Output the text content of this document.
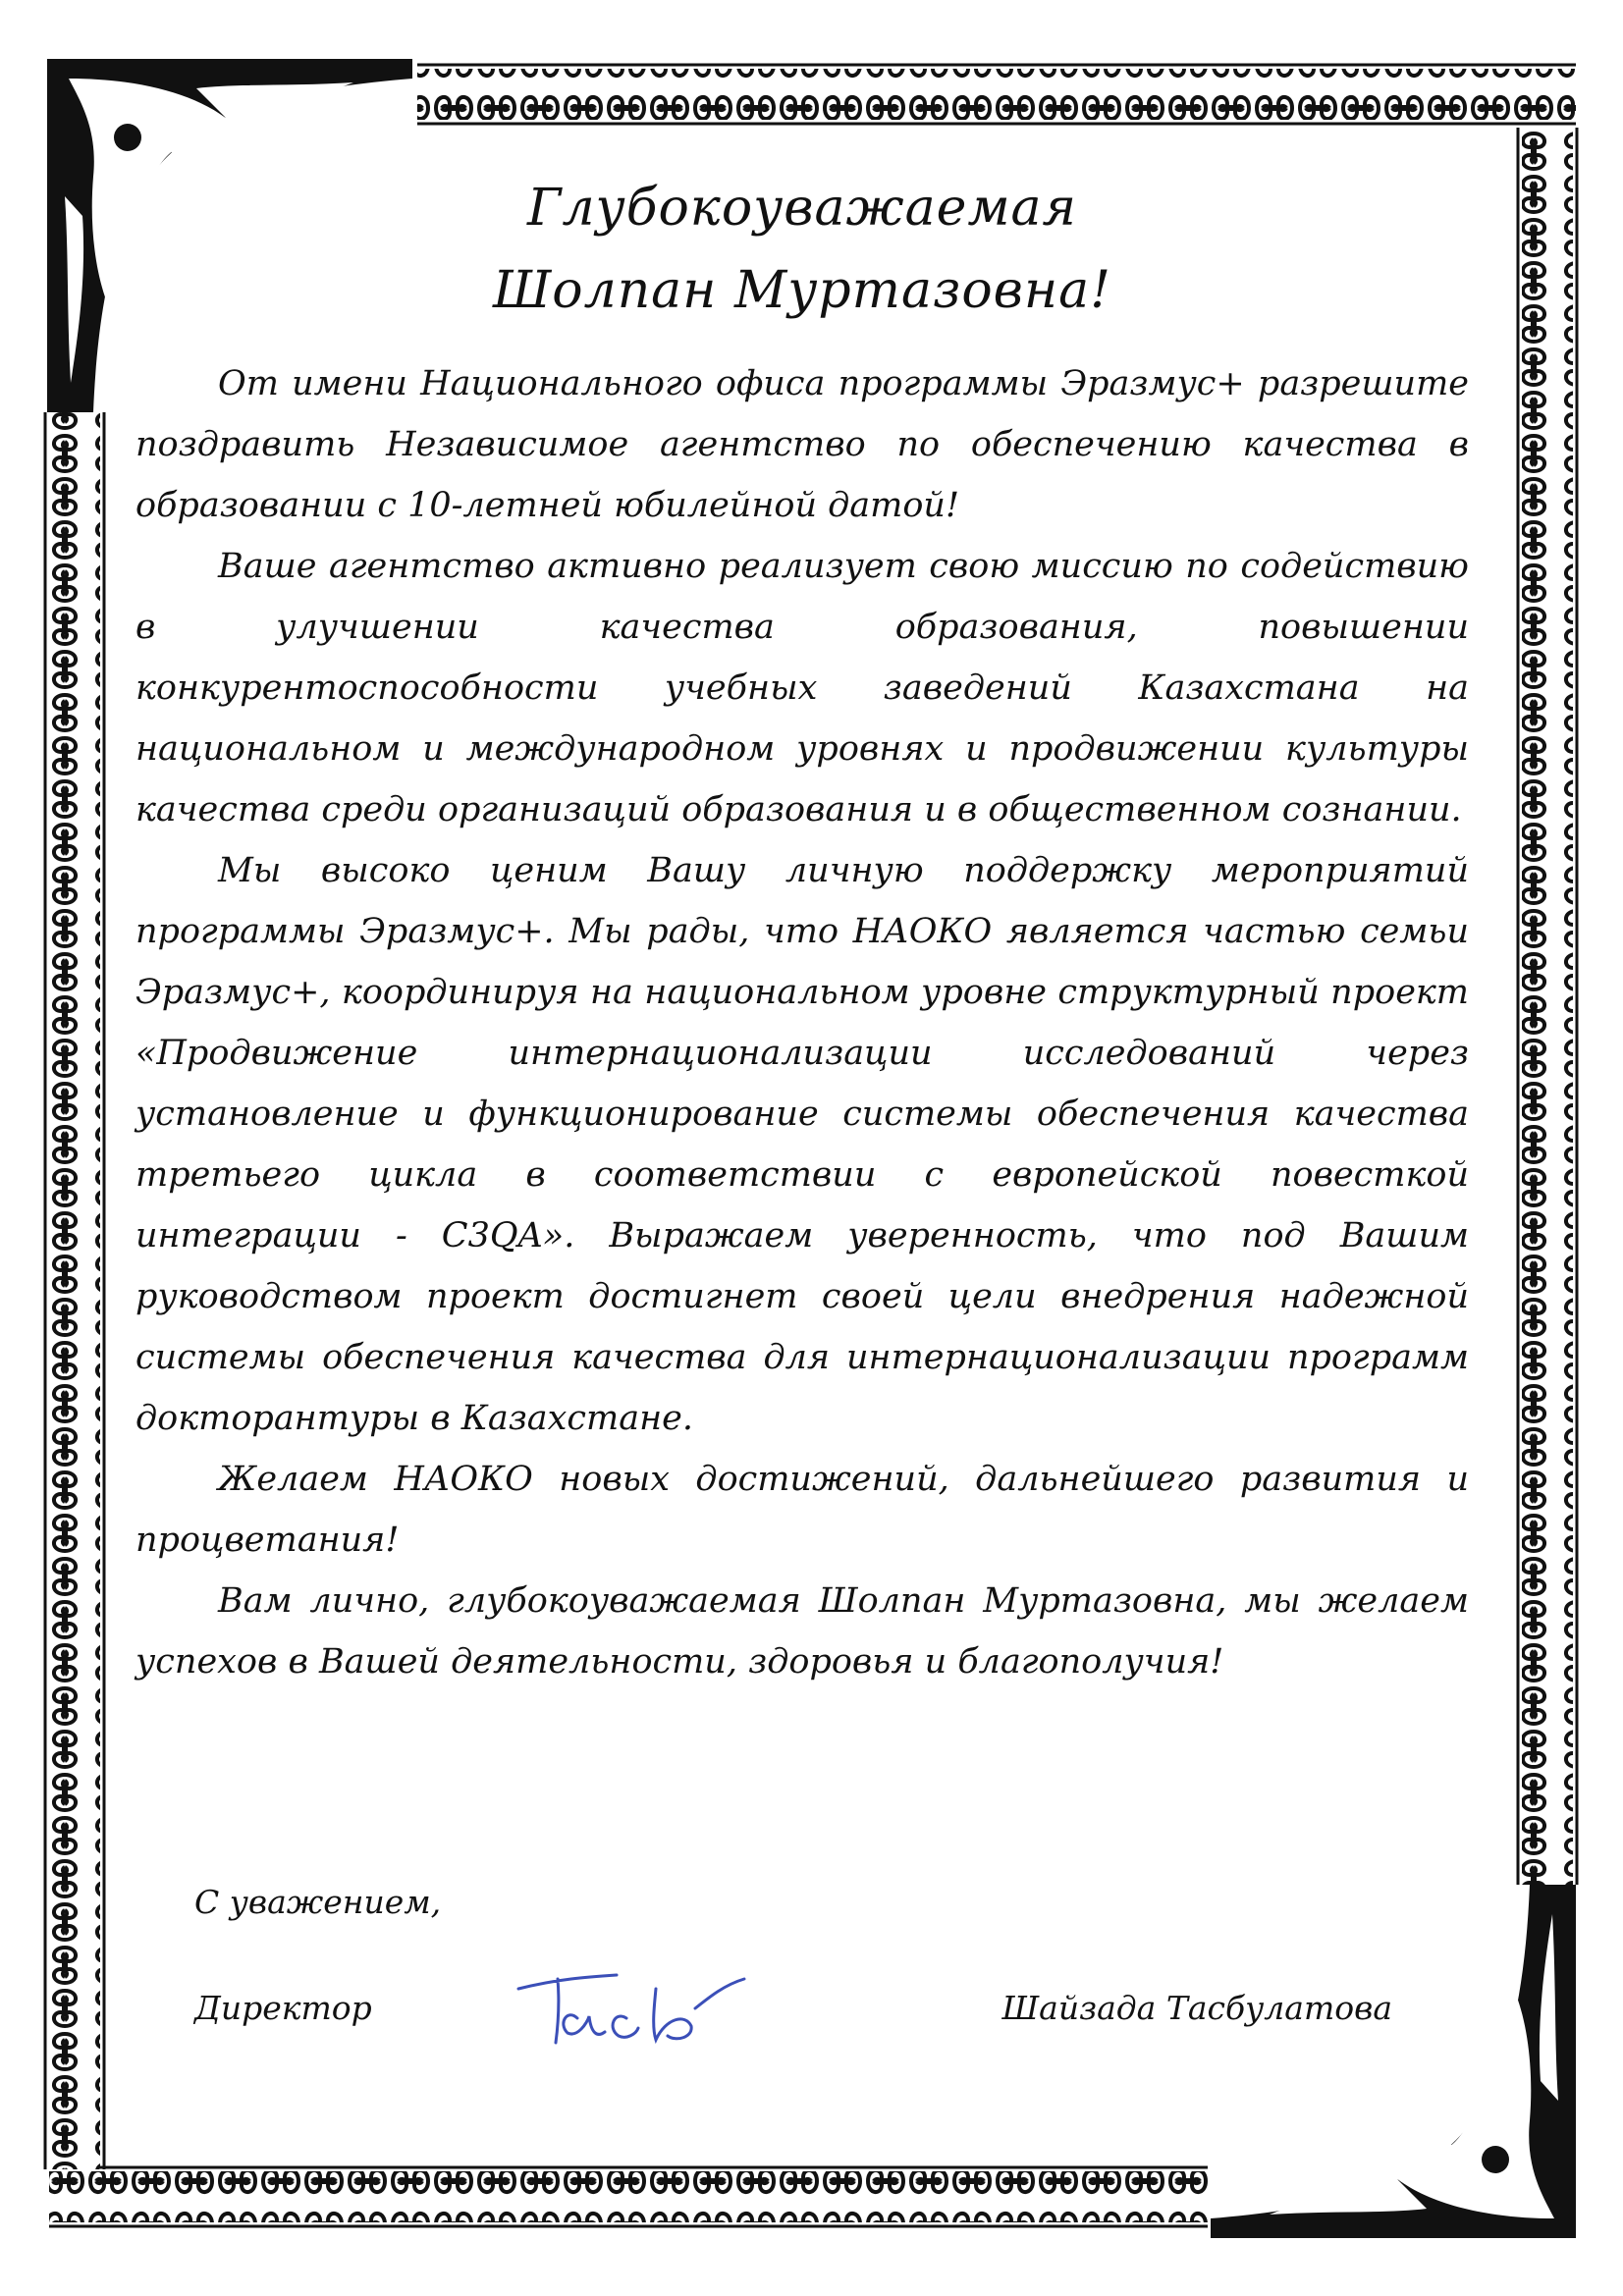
Глубокоуважаемая
Шолпан Муртазовна!

От имени Национального офиса программы Эразмус+ разрешите поздравить Независимое агентство по обеспечению качества в образовании с 10-летней юбилейной датой!

Ваше агентство активно реализует свою миссию по содействию в улучшении качества образования, повышении конкурентоспособности учебных заведений Казахстана на национальном и международном уровнях и продвижении культуры качества среди организаций образования и в общественном сознании.

Мы высоко ценим Вашу личную поддержку мероприятий программы Эразмус+. Мы рады, что НАОКО является частью семьи Эразмус+, координируя на национальном уровне структурный проект «Продвижение интернационализации исследований через установление и функционирование системы обеспечения качества третьего цикла в соответствии с европейской повесткой интеграции - C3QA». Выражаем уверенность, что под Вашим руководством проект достигнет своей цели внедрения надежной системы обеспечения качества для интернационализации программ докторантуры в Казахстане.

Желаем НАОКО новых достижений, дальнейшего развития и процветания!

Вам лично, глубокоуважаемая Шолпан Муртазовна, мы желаем успехов в Вашей деятельности, здоровья и благополучия!

С уважением,
Директор	Шайзада Тасбулатова
